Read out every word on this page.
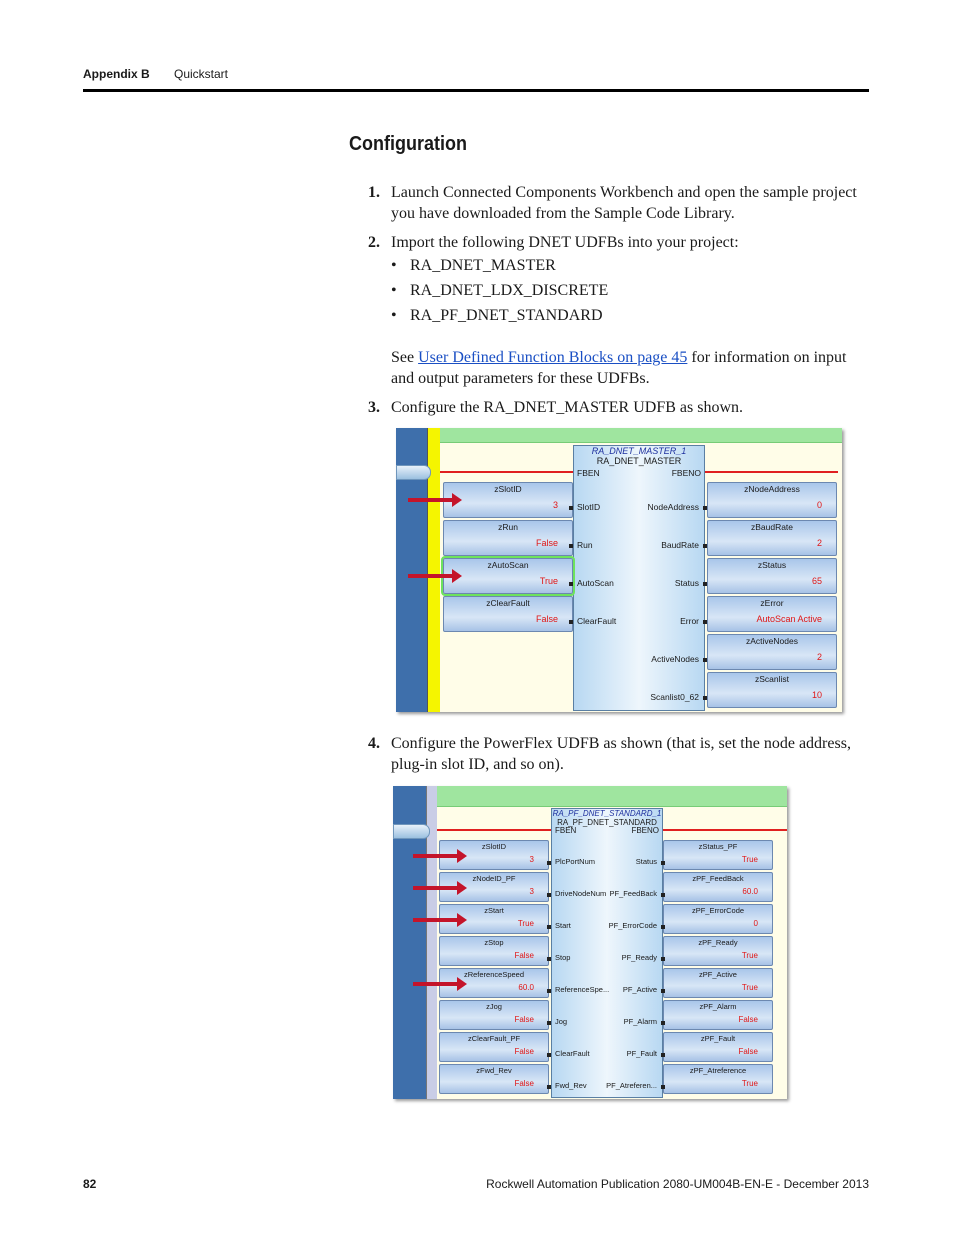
Appendix B Quickstart
Configuration
1. Launch Connected Components Workbench and open the sample project you have downloaded from the Sample Code Library.
2. Import the following DNET UDFBs into your project:
• RA_DNET_MASTER
• RA_DNET_LDX_DISCRETE
• RA_PF_DNET_STANDARD
See User Defined Function Blocks on page 45 for information on input and output parameters for these UDFBs.
3. Configure the RA_DNET_MASTER UDFB as shown.
RA_DNET_MASTER_1
RA_DNET_MASTER
FBEN	FBENO
zSlotID
3 SlotID
zRun
False Run
zAutoScan
True AutoScan
zClearFault
False ClearFault
zNodeAddress
0
NodeAddress
zBaudRate
2
BaudRate
zStatus
65
Status
zError
AutoScan Active
Error
zActiveNodes
2
ActiveNodes
zScanlist
10
Scanlist0_62
4. Configure the PowerFlex UDFB as shown (that is, set the node address, plug-in slot ID, and so on).
RA_PF_DNET_STANDARD_1
RA_PF_DNET_STANDARD
FBEN	FBENO
zSlotID
3	PlcPortNum
zNodeID_PF
3	DriveNodeNum
zStart
True	Start
zStop
False	Stop
zReferenceSpeed
60.0	ReferenceSpe...
zJog
False	Jog
zClearFault_PF
False	ClearFault
zFwd_Rev
False	Fwd_Rev
zStatus_PF
True
Status
zPF_FeedBack
60.0
PF_FeedBack
zPF_ErrorCode
0
PF_ErrorCode
zPF_Ready
True
PF_Ready
zPF_Active
True
PF_Active
zPF_Alarm
False
PF_Alarm
zPF_Fault
False
PF_Fault
zPF_Atreference
True
PF_Atreferen...
82	Rockwell Automation Publication 2080-UM004B-EN-E - December 2013
